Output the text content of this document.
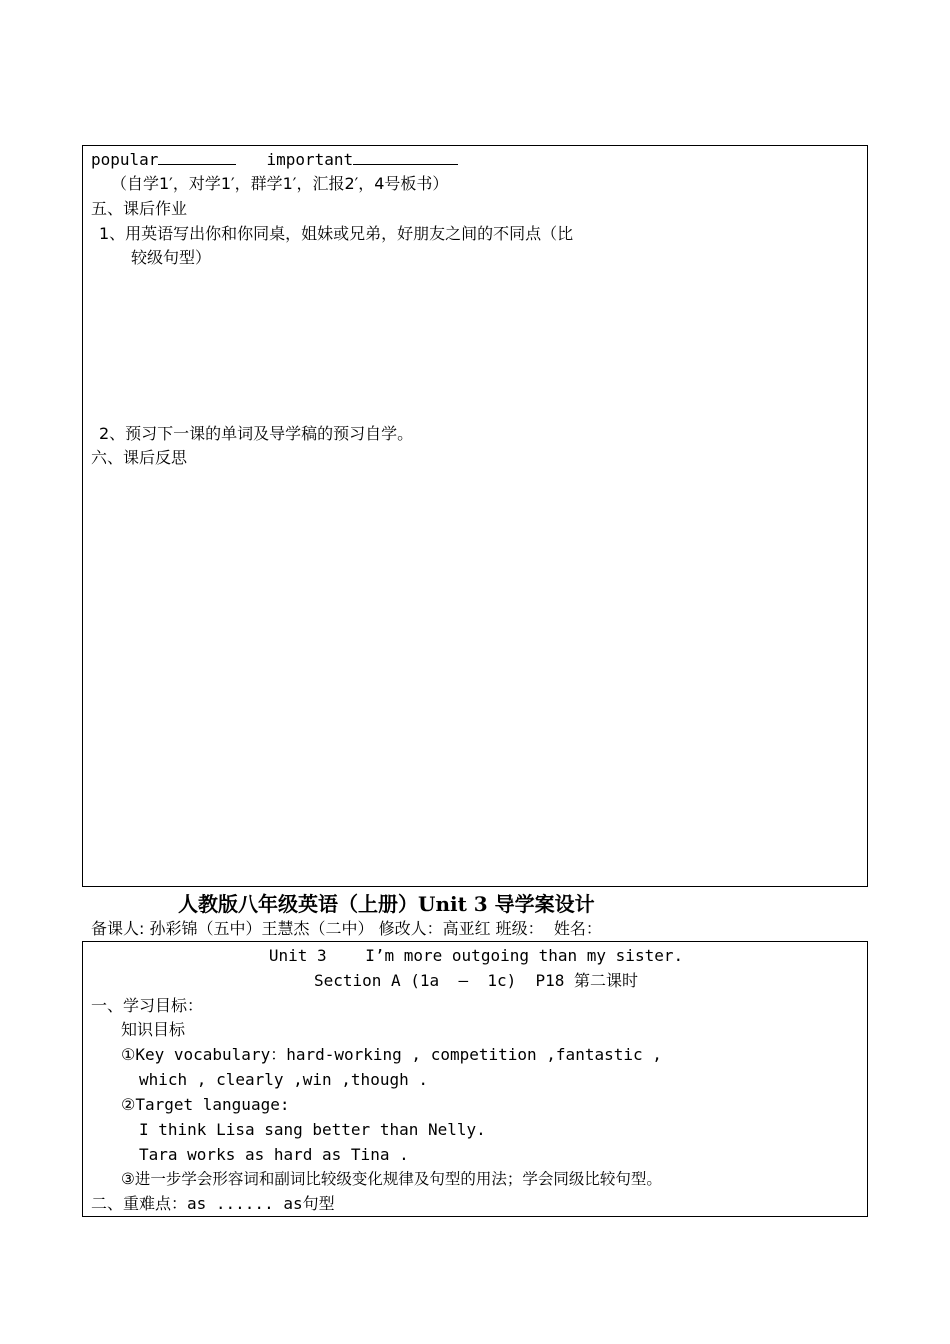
popular	important
（自学1′，对学1′，群学1′，汇报2′，4号板书）
五、课后作业
1、用英语写出你和你同桌，姐妹或兄弟，好朋友之间的不同点（比
较级句型）
2、预习下一课的单词及导学稿的预习自学。
六、课后反思
人教版八年级英语（上册）Unit 3 导学案设计
备课人: 孙彩锦（五中）王慧杰（二中） 修改人：高亚红 班级：  姓名：
Unit 3    I’m more outgoing than my sister.
Section A (1a  –  1c)  P18 第二课时
一、学习目标：
知识目标
①Key vocabulary：hard-working , competition ,fantastic ,
which , clearly ,win ,though .
②Target language:
I think Lisa sang better than Nelly.
Tara works as hard as Tina .
③进一步学会形容词和副词比较级变化规律及句型的用法；学会同级比较句型。
二、重难点：as ...... as句型
